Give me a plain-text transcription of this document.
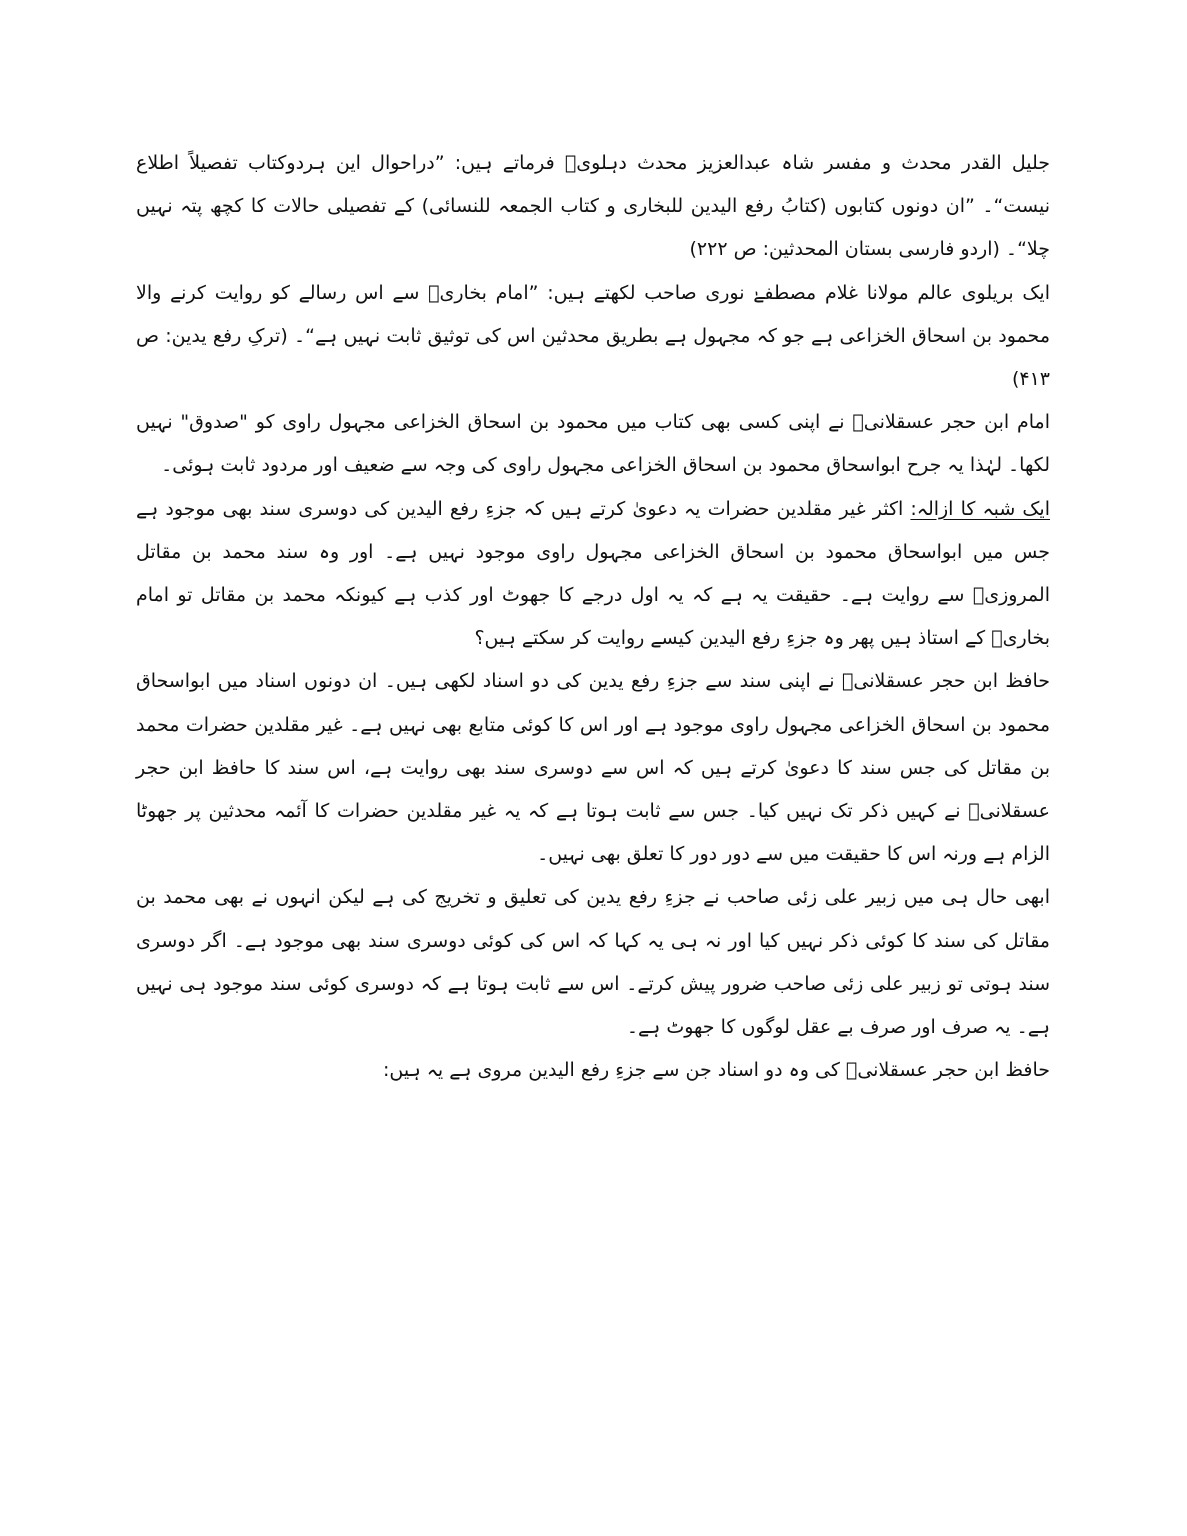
جلیل القدر محدث و مفسر شاہ عبدالعزیز محدث دہلویؒ فرماتے ہیں: ”دراحوال این ہردوکتاب تفصیلاً اطلاع نیست“۔ ”ان دونوں کتابوں (کتابُ رفع الیدین للبخاری و کتاب الجمعہ للنسائی) کے تفصیلی حالات کا کچھ پتہ نہیں چلا“۔ (اردو فارسی بستان المحدثین: ص ۲۲۲)

ایک بریلوی عالم مولانا غلام مصطفےٰ نوری صاحب لکھتے ہیں: ”امام بخاریؒ سے اس رسالے کو روایت کرنے والا محمود بن اسحاق الخزاعی ہے جو کہ مجہول ہے بطریق محدثین اس کی توثیق ثابت نہیں ہے“۔ (ترکِ رفع یدین: ص ۴۱۳)

امام ابن حجر عسقلانیؒ نے اپنی کسی بھی کتاب میں محمود بن اسحاق الخزاعی مجہول راوی کو "صدوق" نہیں لکھا۔ لہٰذا یہ جرح ابواسحاق محمود بن اسحاق الخزاعی مجہول راوی کی وجہ سے ضعیف اور مردود ثابت ہوئی۔

ایک شبہ کا ازالہ: اکثر غیر مقلدین حضرات یہ دعویٰ کرتے ہیں کہ جزءِ رفع الیدین کی دوسری سند بھی موجود ہے جس میں ابواسحاق محمود بن اسحاق الخزاعی مجہول راوی موجود نہیں ہے۔ اور وہ سند محمد بن مقاتل المروزیؒ سے روایت ہے۔ حقیقت یہ ہے کہ یہ اول درجے کا جھوٹ اور کذب ہے کیونکہ محمد بن مقاتل تو امام بخاریؒ کے استاذ ہیں پھر وہ جزءِ رفع الیدین کیسے روایت کر سکتے ہیں؟

حافظ ابن حجر عسقلانیؒ نے اپنی سند سے جزءِ رفع یدین کی دو اسناد لکھی ہیں۔ ان دونوں اسناد میں ابواسحاق محمود بن اسحاق الخزاعی مجہول راوی موجود ہے اور اس کا کوئی متابع بھی نہیں ہے۔ غیر مقلدین حضرات محمد بن مقاتل کی جس سند کا دعویٰ کرتے ہیں کہ اس سے دوسری سند بھی روایت ہے، اس سند کا حافظ ابن حجر عسقلانیؒ نے کہیں ذکر تک نہیں کیا۔ جس سے ثابت ہوتا ہے کہ یہ غیر مقلدین حضرات کا آئمہ محدثین پر جھوٹا الزام ہے ورنہ اس کا حقیقت میں سے دور دور کا تعلق بھی نہیں۔

ابھی حال ہی میں زبیر علی زئی صاحب نے جزءِ رفع یدین کی تعلیق و تخریج کی ہے لیکن انہوں نے بھی محمد بن مقاتل کی سند کا کوئی ذکر نہیں کیا اور نہ ہی یہ کہا کہ اس کی کوئی دوسری سند بھی موجود ہے۔ اگر دوسری سند ہوتی تو زبیر علی زئی صاحب ضرور پیش کرتے۔ اس سے ثابت ہوتا ہے کہ دوسری کوئی سند موجود ہی نہیں ہے۔ یہ صرف اور صرف بے عقل لوگوں کا جھوٹ ہے۔

حافظ ابن حجر عسقلانیؒ کی وہ دو اسناد جن سے جزءِ رفع الیدین مروی ہے یہ ہیں:
